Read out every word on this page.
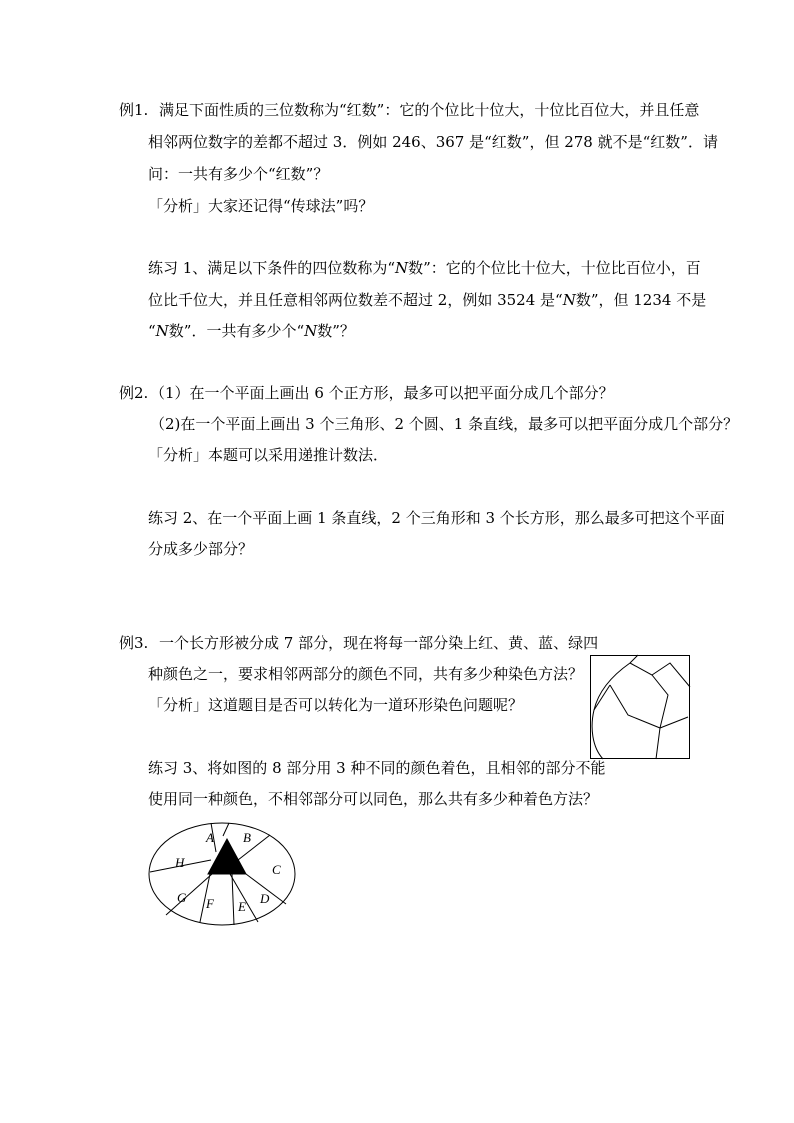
例1. 满足下面性质的三位数称为“红数”：它的个位比十位大，十位比百位大，并且任意
相邻两位数字的差都不超过 3．例如 246、367 是“红数”，但 278 就不是“红数”．请
问：一共有多少个“红数”？
「分析」大家还记得“传球法”吗？
练习 1、满足以下条件的四位数称为“N数”：它的个位比十位大，十位比百位小，百
位比千位大，并且任意相邻两位数差不超过 2，例如 3524 是“N数”，但 1234 不是
“N数”．一共有多少个“N数”？
例2. （1）在一个平面上画出 6 个正方形，最多可以把平面分成几个部分？
（2)在一个平面上画出 3 个三角形、2 个圆、1 条直线，最多可以把平面分成几个部分？
「分析」本题可以采用递推计数法．
练习 2、在一个平面上画 1 条直线，2 个三角形和 3 个长方形，那么最多可把这个平面
分成多少部分？
例3. 一个长方形被分成 7 部分，现在将每一部分染上红、黄、蓝、绿四
种颜色之一，要求相邻两部分的颜色不同，共有多少种染色方法？
「分析」这道题目是否可以转化为一道环形染色问题呢？
练习 3、将如图的 8 部分用 3 种不同的颜色着色，且相邻的部分不能
使用同一种颜色，不相邻部分可以同色，那么共有多少种着色方法？
A B
C
D
E
F
G
H
